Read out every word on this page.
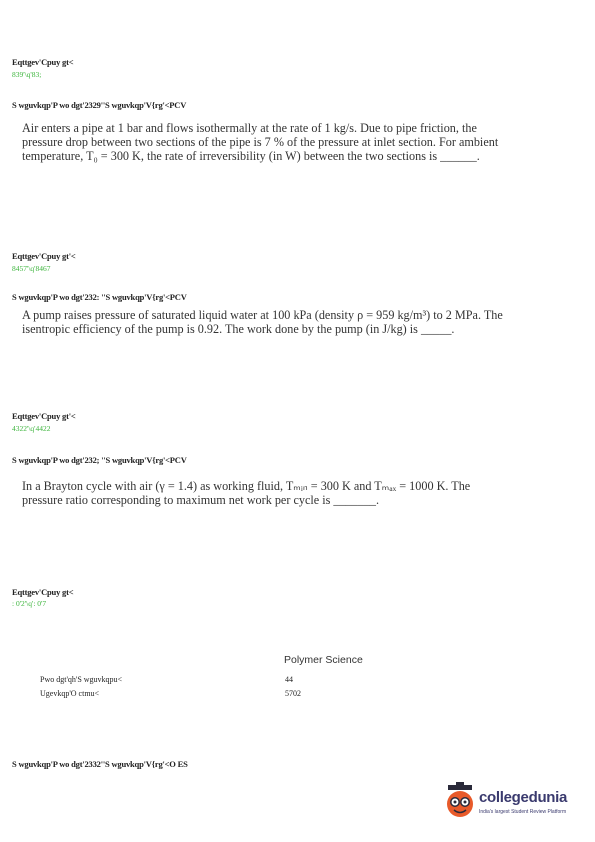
Eqttgev'Cpuy gt<
839'\q'83;
S wguvkqp'P wo dgt'2329''S wguvkqp'V{rg'<PCV

Air enters a pipe at 1 bar and flows isothermally at the rate of 1 kg/s. Due to pipe friction, the

pressure drop between two sections of the pipe is 7 % of the pressure at inlet section. For ambient

temperature, T₀ = 300 K, the rate of irreversibility (in W) between the two sections is ______.

Eqttgev'Cpuy gt'<
8457'\q'8467
S wguvkqp'P wo dgt'232: ''S wguvkqp'V{rg'<PCV

A pump raises pressure of saturated liquid water at 100 kPa (density ρ = 959 kg/m³) to 2 MPa. The

isentropic efficiency of the pump is 0.92. The work done by the pump (in J/kg) is _____.

Eqttgev'Cpuy gt'<
4322'\q'4422
S wguvkqp'P wo dgt'232; ''S wguvkqp'V{rg'<PCV

In a Brayton cycle with air (γ = 1.4) as working fluid, Tₘᵢₙ = 300 K and Tₘₐₓ = 1000 K. The

pressure ratio corresponding to maximum net work per cycle is _______.

Eqttgev'Cpuy gt<
: 0'2'\q': 0'7
Polymer Science
Pwo dgt'qh'S wguvkqpu<	44
Ugevkqp'O ctmu<	5702
S wguvkqp'P wo dgt'2332''S wguvkqp'V{rg'<O ES
collegedunia
India's largest Student Review Platform
